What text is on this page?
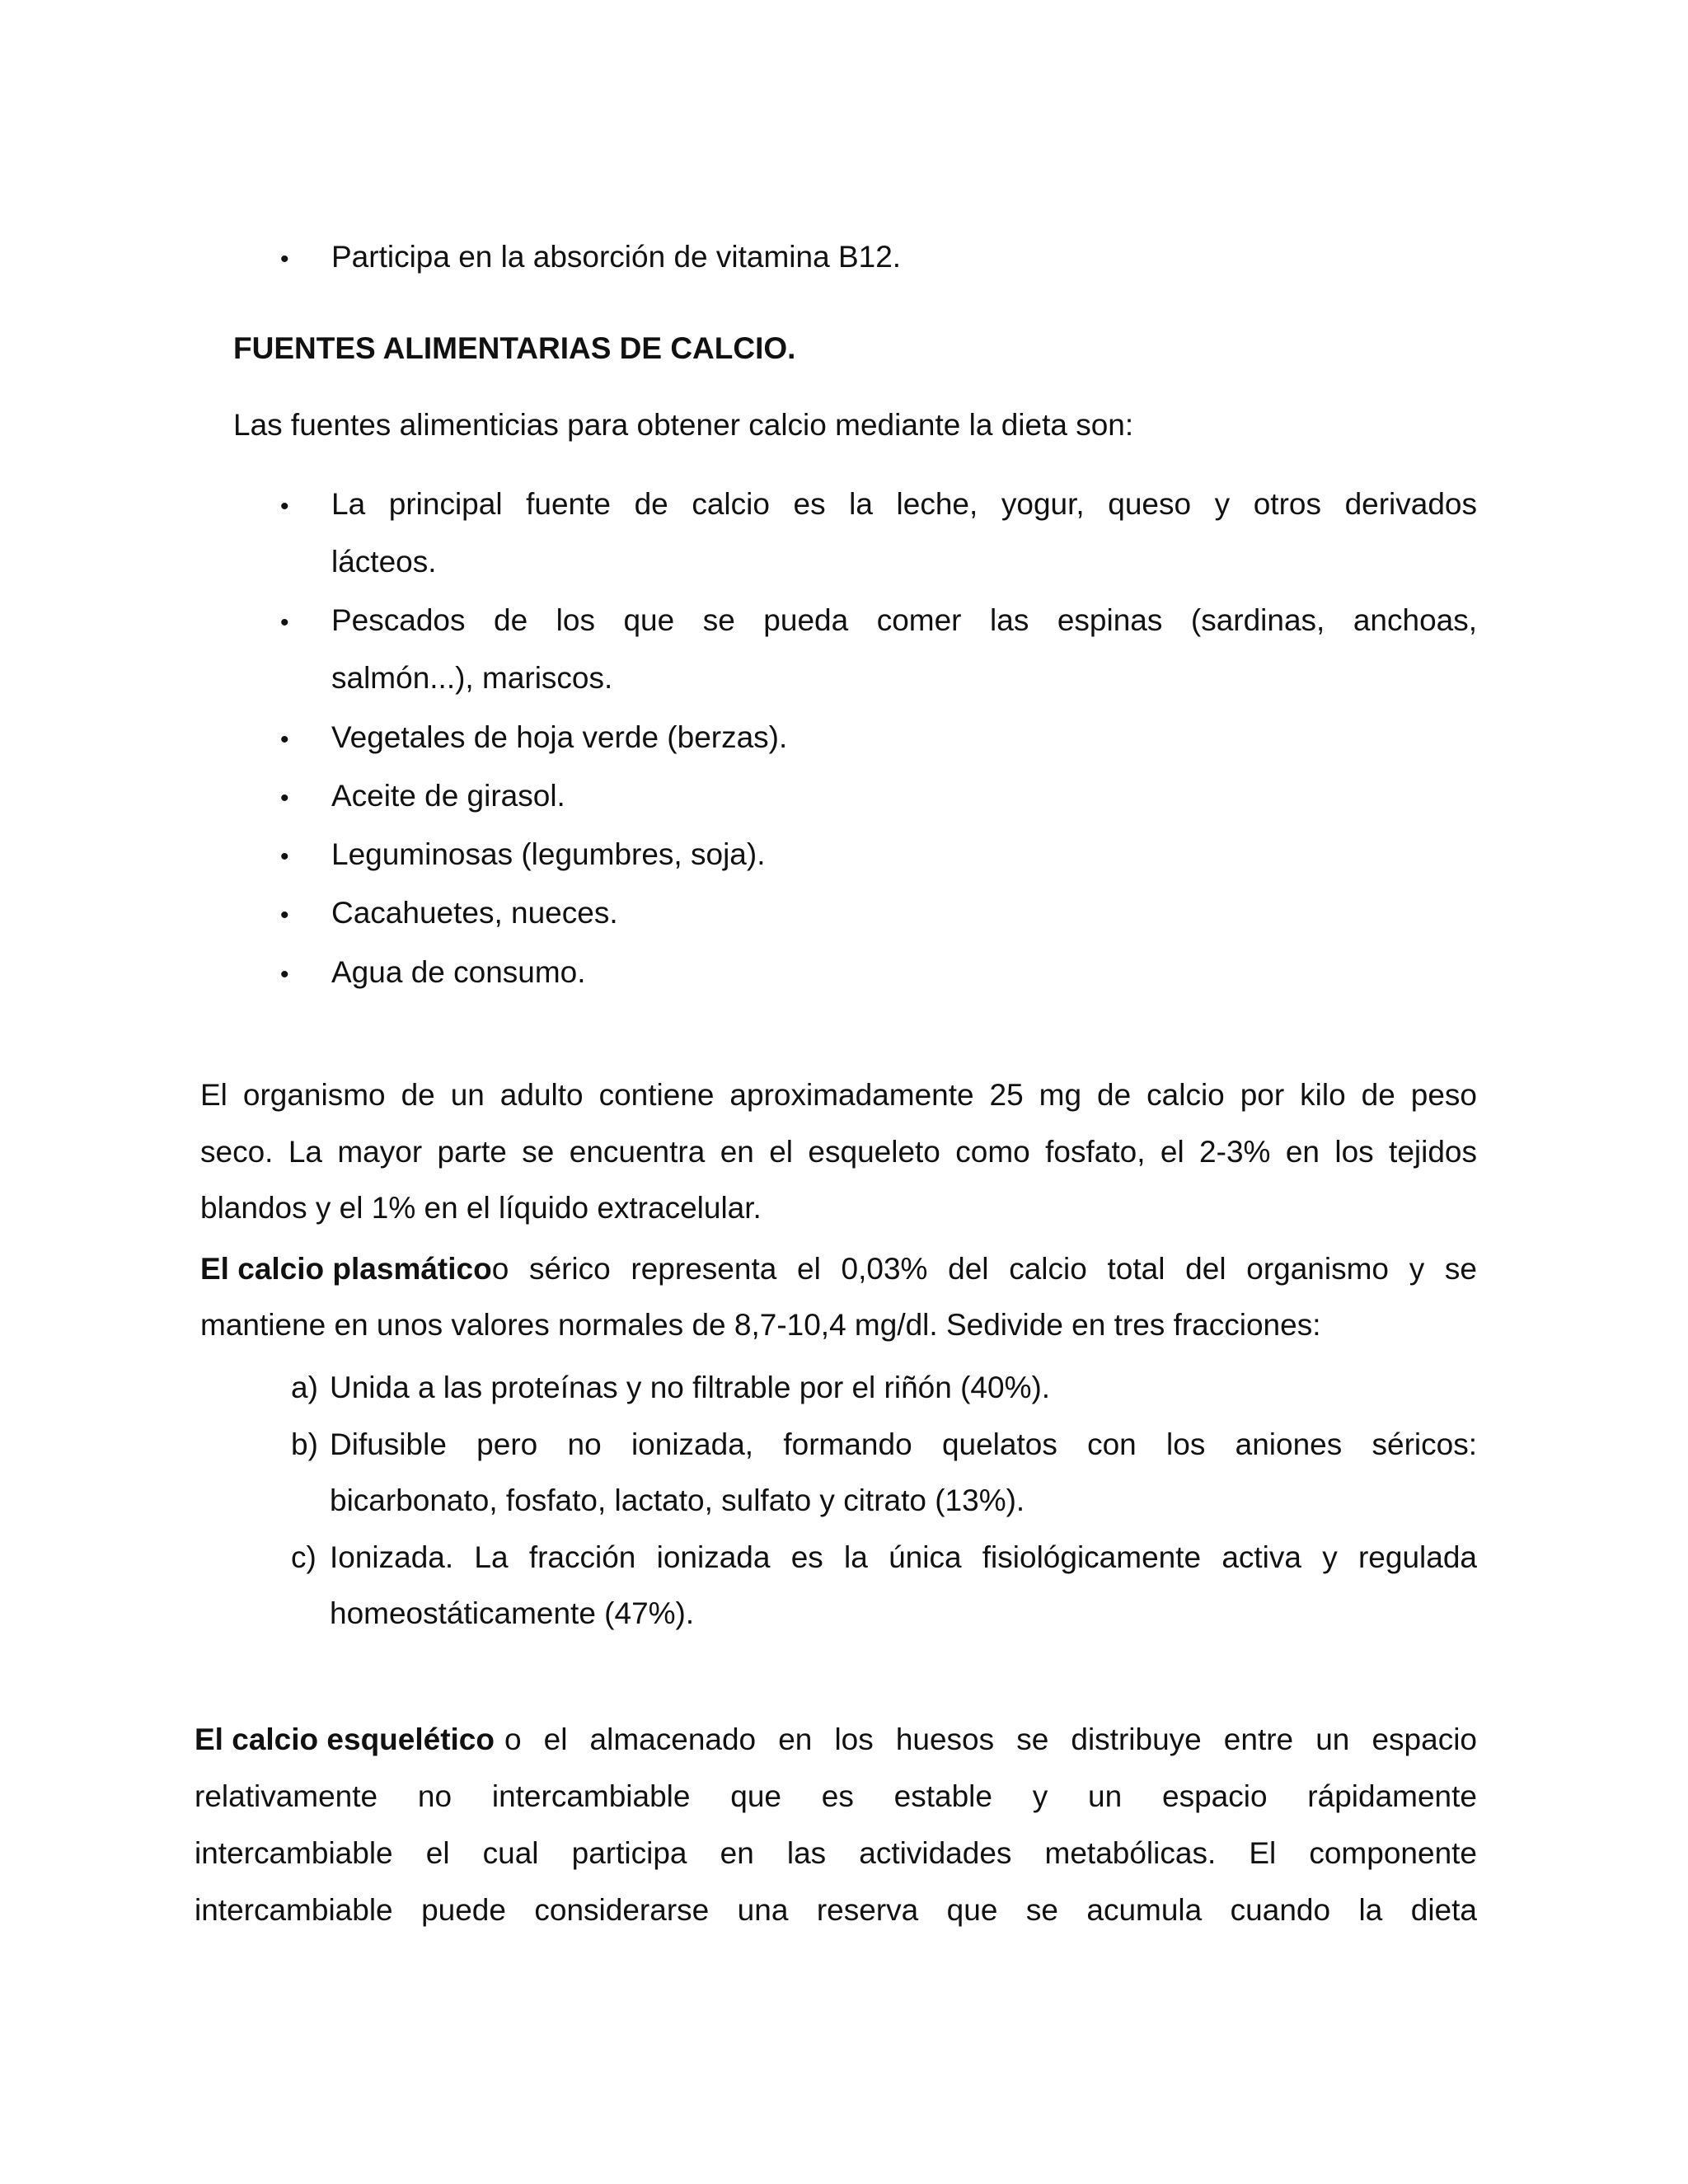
• Participa en la absorción de vitamina B12.
FUENTES ALIMENTARIAS DE CALCIO.
Las fuentes alimenticias para obtener calcio mediante la dieta son:
• La principal fuente de calcio es la leche, yogur, queso y otros derivados
lácteos.
• Pescados de los que se pueda comer las espinas (sardinas, anchoas,
salmón...), mariscos.
• Vegetales de hoja verde (berzas).
• Aceite de girasol.
• Leguminosas (legumbres, soja).
• Cacahuetes, nueces.
• Agua de consumo.
El organismo de un adulto contiene aproximadamente 25 mg de calcio por kilo de peso
seco. La mayor parte se encuentra en el esqueleto como fosfato, el 2-3% en los tejidos
blandos y el 1% en el líquido extracelular.
El calcio plasmático o sérico representa el 0,03% del calcio total del organismo y se
mantiene en unos valores normales de 8,7-10,4 mg/dl. Sedivide en tres fracciones:
a) Unida a las proteínas y no filtrable por el riñón (40%).
b) Difusible pero no ionizada, formando quelatos con los aniones séricos:
bicarbonato, fosfato, lactato, sulfato y citrato (13%).
c) Ionizada. La fracción ionizada es la única fisiológicamente activa y regulada
homeostáticamente (47%).
El calcio esquelético o el almacenado en los huesos se distribuye entre un espacio
relativamente no intercambiable que es estable y un espacio rápidamente
intercambiable el cual participa en las actividades metabólicas. El componente
intercambiable puede considerarse una reserva que se acumula cuando la dieta
